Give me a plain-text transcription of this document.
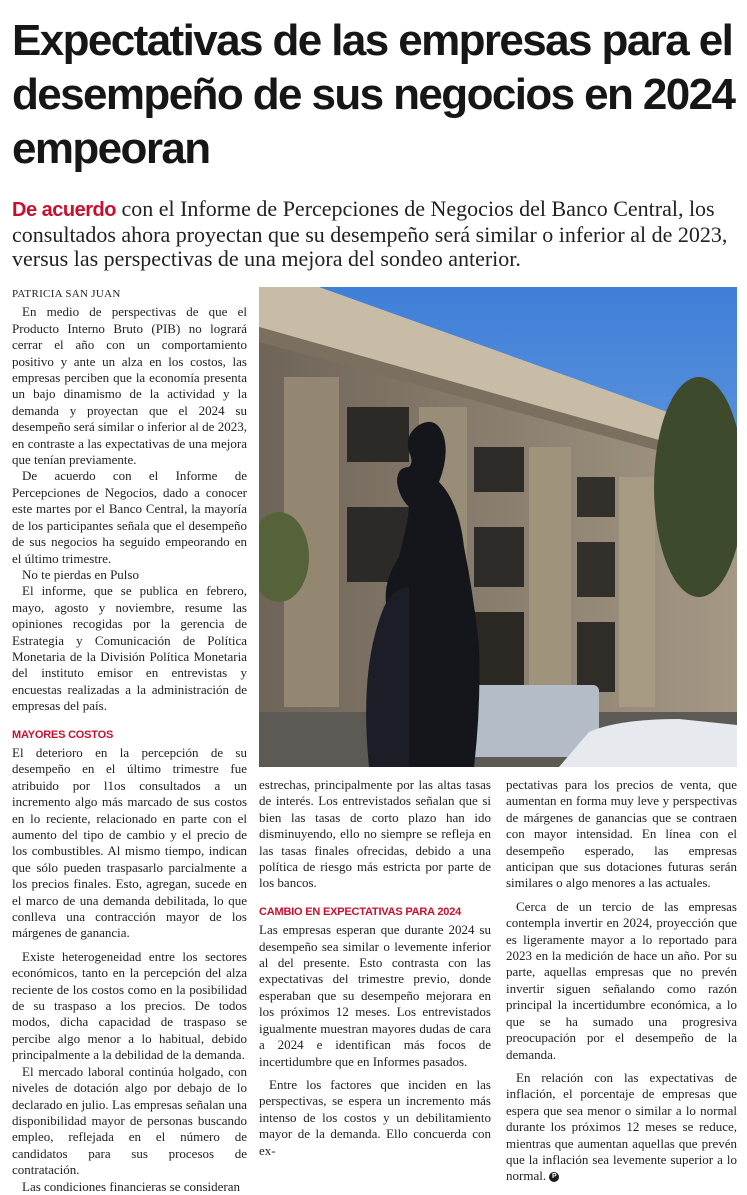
Expectativas de las empresas para el desempeño de sus negocios en 2024 empeoran

De acuerdo con el Informe de Percepciones de Negocios del Banco Central, los consultados ahora proyectan que su desempeño será similar o inferior al de 2023, versus las perspectivas de una mejora del sondeo anterior.

PATRICIA SAN JUAN

En medio de perspectivas de que el Producto Interno Bruto (PIB) no logrará cerrar el año con un comportamiento positivo y ante un alza en los costos, las empresas perciben que la economía presenta un bajo dinamismo de la actividad y la demanda y proyectan que el 2024 su desempeño será similar o inferior al de 2023, en contraste a las expectativas de una mejora que tenían previamente.

De acuerdo con el Informe de Percepciones de Negocios, dado a conocer este martes por el Banco Central, la mayoría de los participantes señala que el desempeño de sus negocios ha seguido empeorando en el último trimestre.

No te pierdas en Pulso

El informe, que se publica en febrero, mayo, agosto y noviembre, resume las opiniones recogidas por la gerencia de Estrategia y Comunicación de Política Monetaria de la División Política Monetaria del instituto emisor en entrevistas y encuestas realizadas a la administración de empresas del país.

MAYORES COSTOS

El deterioro en la percepción de su desempeño en el último trimestre fue atribuido por l1os consultados a un incremento algo más marcado de sus costos en lo reciente, relacionado en parte con el aumento del tipo de cambio y el precio de los combustibles. Al mismo tiempo, indican que sólo pueden traspasarlo parcialmente a los precios finales. Esto, agregan, sucede en el marco de una demanda debilitada, lo que conlleva una contracción mayor de los márgenes de ganancia.

Existe heterogeneidad entre los sectores económicos, tanto en la percepción del alza reciente de los costos como en la posibilidad de su traspaso a los precios. De todos modos, dicha capacidad de traspaso se percibe algo menor a lo habitual, debido principalmente a la debilidad de la demanda.

El mercado laboral continúa holgado, con niveles de dotación algo por debajo de lo declarado en julio. Las empresas señalan una disponibilidad mayor de personas buscando empleo, reflejada en el número de candidatos para sus procesos de contratación.

Las condiciones financieras se consideran

estrechas, principalmente por las altas tasas de interés. Los entrevistados señalan que si bien las tasas de corto plazo han ido disminuyendo, ello no siempre se refleja en las tasas finales ofrecidas, debido a una política de riesgo más estricta por parte de los bancos.

CAMBIO EN EXPECTATIVAS PARA 2024

Las empresas esperan que durante 2024 su desempeño sea similar o levemente inferior al del presente. Esto contrasta con las expectativas del trimestre previo, donde esperaban que su desempeño mejorara en los próximos 12 meses. Los entrevistados igualmente muestran mayores dudas de cara a 2024 e identifican más focos de incertidumbre que en Informes pasados.

Entre los factores que inciden en las perspectivas, se espera un incremento más intenso de los costos y un debilitamiento mayor de la demanda. Ello concuerda con ex-

pectativas para los precios de venta, que aumentan en forma muy leve y perspectivas de márgenes de ganancias que se contraen con mayor intensidad. En línea con el desempeño esperado, las empresas anticipan que sus dotaciones futuras serán similares o algo menores a las actuales.

Cerca de un tercio de las empresas contempla invertir en 2024, proyección que es ligeramente mayor a lo reportado para 2023 en la medición de hace un año. Por su parte, aquellas empresas que no prevén invertir siguen señalando como razón principal la incertidumbre económica, a lo que se ha sumado una progresiva preocupación por el desempeño de la demanda.

En relación con las expectativas de inflación, el porcentaje de empresas que espera que sea menor o similar a lo normal durante los próximos 12 meses se reduce, mientras que aumentan aquellas que prevén que la inflación sea levemente superior a lo normal. P
